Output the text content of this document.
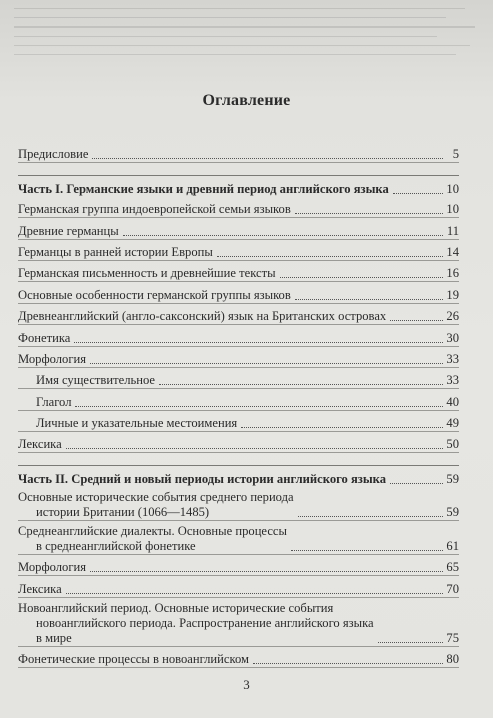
Оглавление
Предисловие	5
Часть I. Германские языки и древний период английского языка	10
Германская группа индоевропейской семьи языков	10
Древние германцы	11
Германцы в ранней истории Европы	14
Германская письменность и древнейшие тексты	16
Основные особенности германской группы языков	19
Древнеанглийский (англо-саксонский) язык на Британских островах	26
Фонетика	30
Морфология	33
Имя существительное	33
Глагол	40
Личные и указательные местоимения	49
Лексика	50
Часть II. Средний и новый периоды истории английского языка	59
Основные исторические события среднего периода
истории Британии (1066—1485)	59
Среднеанглийские диалекты. Основные процессы
в среднеанглийской фонетике	61
Морфология	65
Лексика	70
Новоанглийский период. Основные исторические события
новоанглийского периода. Распространение английского языка
в мире	75
Фонетические процессы в новоанглийском	80
3
